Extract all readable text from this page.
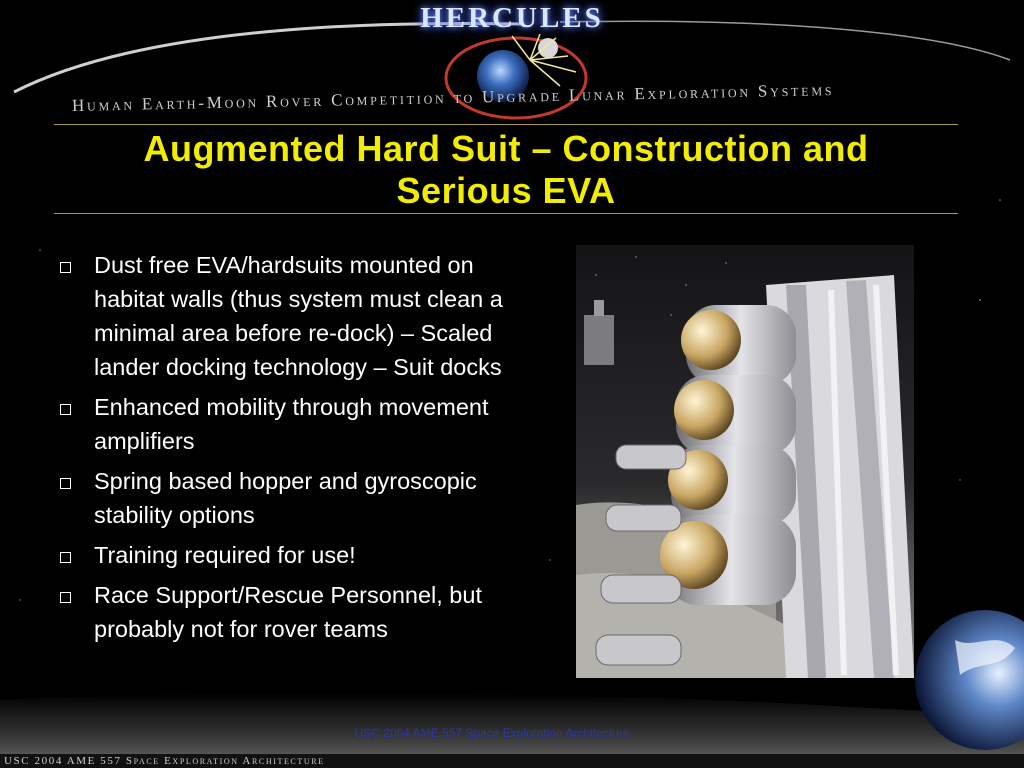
HERCULES
Human Earth-Moon Rover Competition to Upgrade Lunar Exploration Systems
Augmented Hard Suit – Construction and
Serious EVA
Dust free EVA/hardsuits mounted on habitat walls (thus system must clean a minimal area before re-dock) – Scaled lander docking technology – Suit docks
Enhanced mobility through movement amplifiers
Spring based hopper and gyroscopic stability options
Training required for use!
Race Support/Rescue Personnel, but probably not for rover teams
USC 2004 AME 557 Space Exploration Architecture
USC 2004 AME 557 Space Exploration Architecture
